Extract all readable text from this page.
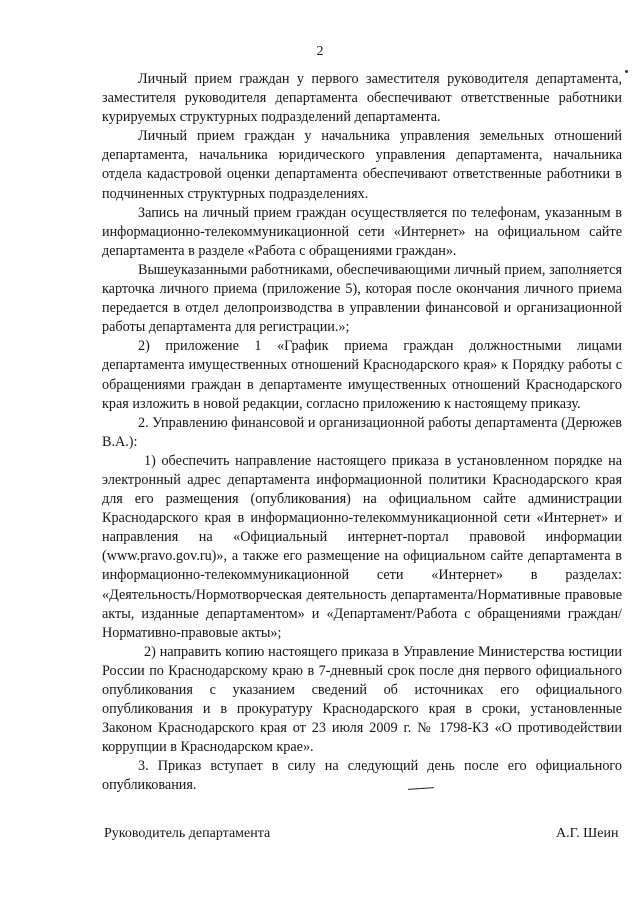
2

Личный прием граждан у первого заместителя руководителя департамента, заместителя руководителя департамента обеспечивают ответственные работники курируемых структурных подразделений департамента.

Личный прием граждан у начальника управления земельных отношений департамента, начальника юридического управления департамента, начальника отдела кадастровой оценки департамента обеспечивают ответственные работники в подчиненных структурных подразделениях.

Запись на личный прием граждан осуществляется по телефонам, указанным в информационно-телекоммуникационной сети «Интернет» на официальном сайте департамента в разделе «Работа с обращениями граждан».

Вышеуказанными работниками, обеспечивающими личный прием, заполняется карточка личного приема (приложение 5), которая после окончания личного приема передается в отдел делопроизводства в управлении финансовой и организационной работы департамента для регистрации.»;

2) приложение 1 «График приема граждан должностными лицами департамента имущественных отношений Краснодарского края» к Порядку работы с обращениями граждан в департаменте имущественных отношений Краснодарского края изложить в новой редакции, согласно приложению к настоящему приказу.

2. Управлению финансовой и организационной работы департамента (Дерюжев В.А.):

1) обеспечить направление настоящего приказа в установленном порядке на электронный адрес департамента информационной политики Краснодарского края для его размещения (опубликования) на официальном сайте администрации Краснодарского края в информационно-телекоммуникационной сети «Интернет» и направления на «Официальный интернет-портал правовой информации (www.pravo.gov.ru)», а также его размещение на официальном сайте департамента в информационно-телекоммуникационной сети «Интернет» в разделах: «Деятельность/Нормотворческая деятельность департамента/Нормативные правовые акты, изданные департаментом» и «Департамент/Работа с обращениями граждан/Нормативно-правовые акты»;

2) направить копию настоящего приказа в Управление Министерства юстиции России по Краснодарскому краю в 7-дневный срок после дня первого официального опубликования с указанием сведений об источниках его официального опубликования и в прокуратуру Краснодарского края в сроки, установленные Законом Краснодарского края от 23 июля 2009 г. № 1798-КЗ «О противодействии коррупции в Краснодарском крае».

3. Приказ вступает в силу на следующий день после его официального опубликования.

Руководитель департамента	А.Г. Шеин
